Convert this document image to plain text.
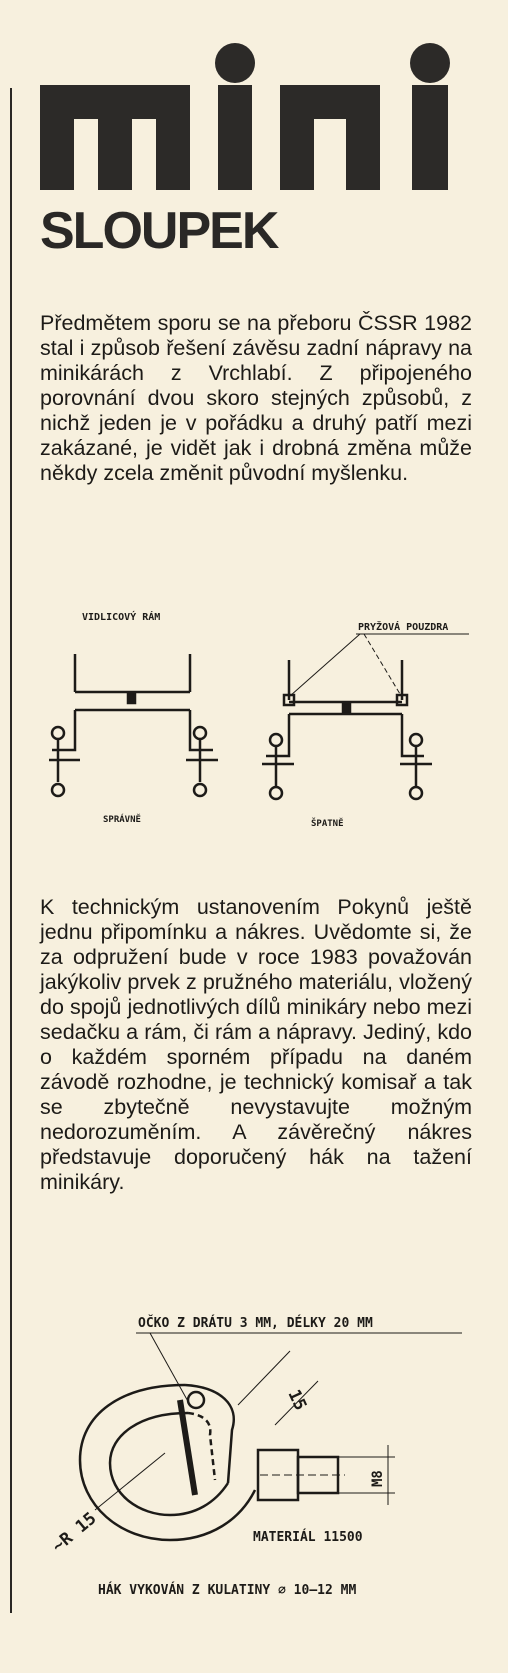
SLOUPEK
Předmětem sporu se na přeboru ČSSR 1982 stal i způsob řešení závěsu zadní nápravy na minikárách z Vrchlabí. Z připojeného porovnání dvou skoro stejných způsobů, z nichž jeden je v pořádku a druhý patří mezi zakázané, je vidět jak i drobná změna může někdy zcela změnit původní myšlenku.
VIDLICOVÝ RÁM
PRYŽOVÁ POUZDRA
SPRÁVNĚ	ŠPATNĚ
K technickým ustanovením Pokynů ještě jednu připomínku a nákres. Uvědomte si, že za odpružení bude v roce 1983 považován jakýkoliv prvek z pružného materiálu, vložený do spojů jednotlivých dílů minikáry nebo mezi sedačku a rám, či rám a nápravy. Jediný, kdo o každém sporném případu na daném závodě rozhodne, je technický komisař a tak se zbytečně nevystavujte možným nedorozuměním. A závěrečný nákres představuje doporučený hák na tažení minikáry.
OČKO Z DRÁTU 3 MM, DÉLKY 20 MM
15
M8
~R 15	MATERIÁL 11500
HÁK VYKOVÁN Z KULATINY ⌀ 10–12 MM
